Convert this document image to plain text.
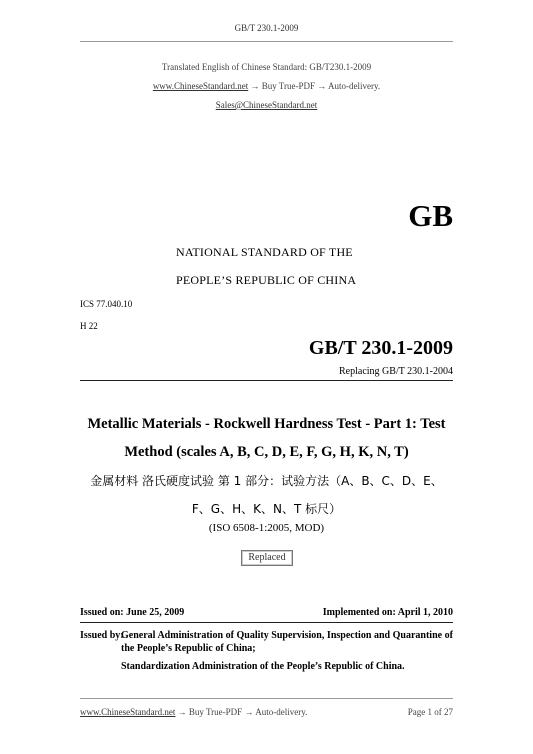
GB/T 230.1-2009
Translated English of Chinese Standard: GB/T230.1-2009
www.ChineseStandard.net → Buy True-PDF → Auto-delivery.
Sales@ChineseStandard.net
GB
NATIONAL STANDARD OF THE
PEOPLE’S REPUBLIC OF CHINA
ICS 77.040.10
H 22
GB/T 230.1-2009
Replacing GB/T 230.1-2004
Metallic Materials - Rockwell Hardness Test - Part 1: Test
Method (scales A, B, C, D, E, F, G, H, K, N, T)
金属材料 洛氏硬度试验 第 1 部分：试验方法（A、B、C、D、E、
F、G、H、K、N、T 标尺）
(ISO 6508-1:2005, MOD)
Replaced
Issued on: June 25, 2009	Implemented on: April 1, 2010
Issued by:
General Administration of Quality Supervision, Inspection and Quarantine of the People’s Republic of China;
Standardization Administration of the People’s Republic of China.
www.ChineseStandard.net → Buy True-PDF → Auto-delivery.	Page 1 of 27
